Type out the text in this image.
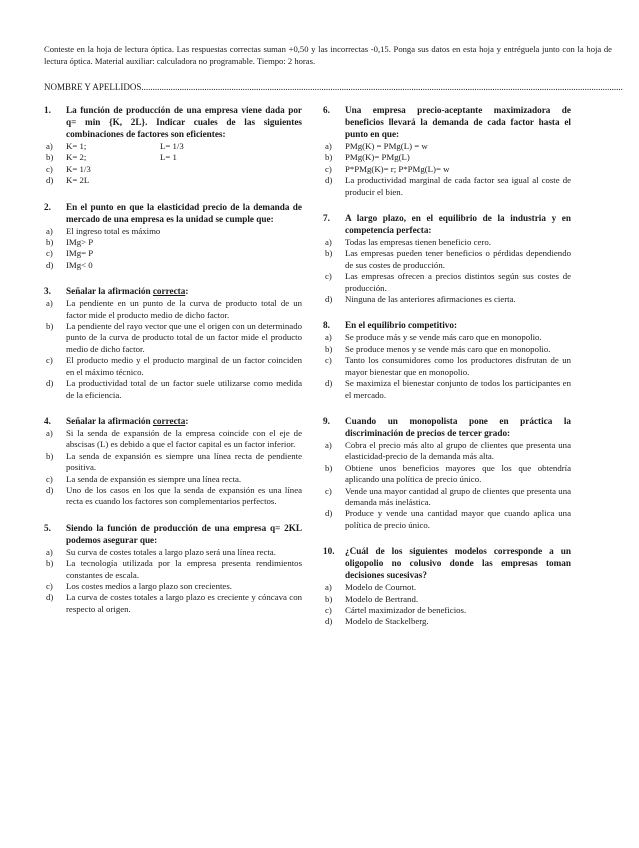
Conteste en la hoja de lectura óptica. Las respuestas correctas suman +0,50 y las incorrectas -0,15. Ponga sus datos en esta hoja y entréguela junto con la hoja de lectura óptica. Material auxiliar: calculadora no programable. Tiempo: 2 horas.
NOMBRE Y APELLIDOS......................................................................................................................................................................................................................
1.	La función de producción de una empresa viene dada por q= min {K, 2L}. Indicar cuales de las siguientes combinaciones de factores son eficientes:
a)	K= 1;	L= 1/3
b)	K= 2;	L= 1
c)	K= 1/3
d)	K= 2L
2.	En el punto en que la elasticidad precio de la demanda de mercado de una empresa es la unidad se cumple que:
a)	El ingreso total es máximo
b)	IMg> P
c)	IMg= P
d)	IMg< 0
3.	Señalar la afirmación correcta:
a)	La pendiente en un punto de la curva de producto total de un factor mide el producto medio de dicho factor.
b)	La pendiente del rayo vector que une el origen con un determinado punto de la curva de producto total de un factor mide el producto medio de dicho factor.
c)	El producto medio y el producto marginal de un factor coinciden en el máximo técnico.
d)	La productividad total de un factor suele utilizarse como medida de la eficiencia.
4.	Señalar la afirmación correcta:
a)	Si la senda de expansión de la empresa coincide con el eje de abscisas (L) es debido a que el factor capital es un factor inferior.
b)	La senda de expansión es siempre una línea recta de pendiente positiva.
c)	La senda de expansión es siempre una línea recta.
d)	Uno de los casos en los que la senda de expansión es una línea recta es cuando los factores son complementarios perfectos.
5.	Siendo la función de producción de una empresa q= 2KL podemos asegurar que:
a)	Su curva de costes totales a largo plazo será una línea recta.
b)	La tecnología utilizada por la empresa presenta rendimientos constantes de escala.
c)	Los costes medios a largo plazo son crecientes.
d)	La curva de costes totales a largo plazo es creciente y cóncava con respecto al origen.
6.	Una empresa precio-aceptante maximizadora de beneficios llevará la demanda de cada factor hasta el punto en que:
a)	PMg(K) = PMg(L) = w
b)	PMg(K)= PMg(L)
c)	P*PMg(K)= r; P*PMg(L)= w
d)	La productividad marginal de cada factor sea igual al coste de producir el bien.
7.	A largo plazo, en el equilibrio de la industria y en competencia perfecta:
a)	Todas las empresas tienen beneficio cero.
b)	Las empresas pueden tener beneficios o pérdidas dependiendo de sus costes de producción.
c)	Las empresas ofrecen a precios distintos según sus costes de producción.
d)	Ninguna de las anteriores afirmaciones es cierta.
8.	En el equilibrio competitivo:
a)	Se produce más y se vende más caro que en monopolio.
b)	Se produce menos y se vende más caro que en monopolio.
c)	Tanto los consumidores como los productores disfrutan de un mayor bienestar que en monopolio.
d)	Se maximiza el bienestar conjunto de todos los participantes en el mercado.
9.	Cuando un monopolista pone en práctica la discriminación de precios de tercer grado:
a)	Cobra el precio más alto al grupo de clientes que presenta una elasticidad-precio de la demanda más alta.
b)	Obtiene unos beneficios mayores que los que obtendría aplicando una política de precio único.
c)	Vende una mayor cantidad al grupo de clientes que presenta una demanda más inelástica.
d)	Produce y vende una cantidad mayor que cuando aplica una política de precio único.
10.	¿Cuál de los siguientes modelos corresponde a un oligopolio no colusivo donde las empresas toman decisiones sucesivas?
a)	Modelo de Cournot.
b)	Modelo de Bertrand.
c)	Cártel maximizador de beneficios.
d)	Modelo de Stackelberg.
